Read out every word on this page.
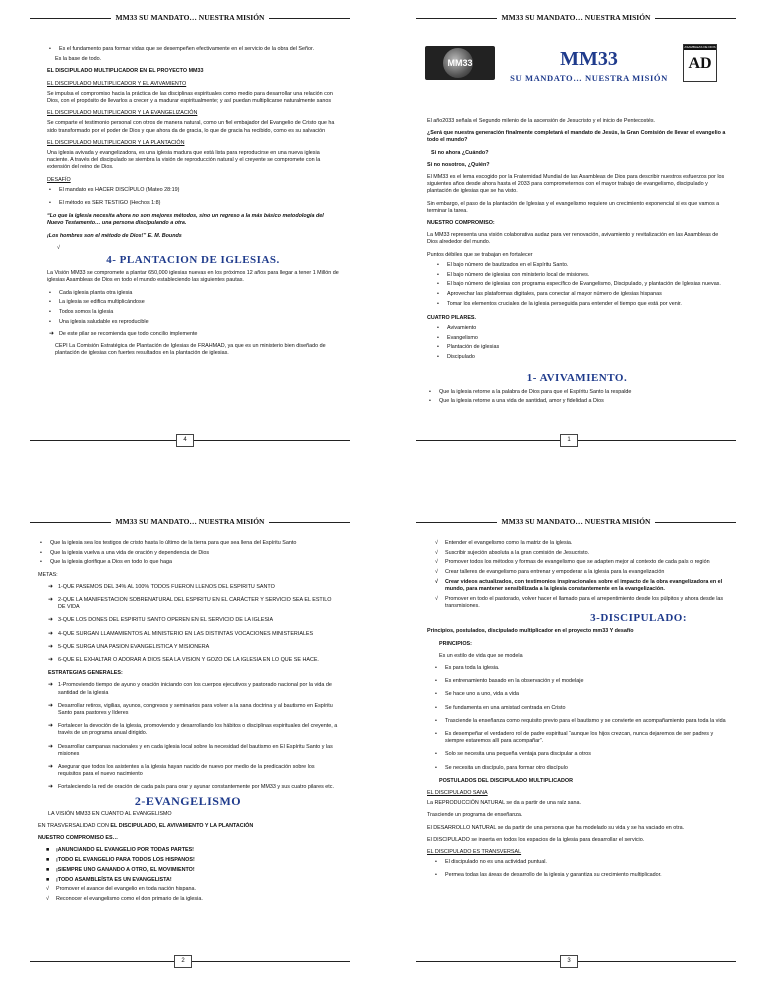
MM33 SU MANDATO… NUESTRA MISIÓN
• Es el fundamento para formar vidas que se desempeñen efectivamente en el servicio de la obra del Señor.

Es la base de todo.

EL DISCIPULADO MULTIPLICADOR EN EL PROYECTO MM33

EL DISCIPULADO MULTIPLICADOR Y EL AVIVAMIENTO

Se impulsa el compromiso hacia la práctica de las disciplinas espirituales como medio para desarrollar una relación con Dios, con el propósito de llevarlos a crecer y a madurar espiritualmente; y así puedan multiplicarse naturalmente sanos

EL DISCIPULADO MULTIPLICADOR Y LA EVANGELIZACIÓN

Se comparte el testimonio personal con otros de manera natural, como un fiel embajador del Evangelio de Cristo que ha sido transformado por el poder de Dios y que ahora da de gracia, lo que de gracia ha recibido, como es su salvación

EL DISCIPULADO MULTIPLICADOR Y LA PLANTACIÓN

Una iglesia avivada y evangelizadora, es una iglesia madura que está lista para reproducirse en una nueva iglesia naciente. A través del discipulado se siembra la visión de reproducción natural y el creyente se compromete con la extensión del reino de Dios.

DESAFÍO

• El mandato es HACER DISCÍPULO (Mateo 28:19)
• El método es SER TESTIGO (Hechos 1:8)

“Lo que la iglesia necesita ahora no son mejores métodos, sino un regreso a la más básico metodología del Nuevo Testamento… una persona discipulando a otra.

¡Los hombres son el método de Dios!” E. M. Bounds

√

4- PLANTACION DE IGLESIAS.

La Visión MM33 se compromete a plantar 650,000 iglesias nuevas en los próximos 12 años para llegar a tener 1 Millón de iglesias Asambleas de Dios en todo el mundo estableciendo las siguientes pautas.

• Cada iglesia planta otra iglesia
• La iglesia se edifica multiplicándose
• Todos somos la iglesia
• Una iglesia saludable es reproducible
➜ De este pilar se recomienda que todo concilio implemente

CEPI La Comisión Estratégica de Plantación de Iglesias de FRAHMAD, ya que es un ministerio bien diseñado de plantación de iglesias con fuertes resultados en la plantación de iglesias.

4
MM33 SU MANDATO… NUESTRA MISIÓN
MM33	MM33
SU MANDATO… NUESTRA MISIÓN
ASAMBLEAS DE DIOS
AD

El año2033 señala el Segundo milenio de la ascensión de Jesucristo y el inicio de Pentecostés.

¿Será que nuestra generación finalmente completará el mandato de Jesús, la Gran Comisión de llevar el evangelio a todo el mundo?

Si no ahora ¿Cuándo?

Si no nosotros, ¿Quién?

El MM33 es el lema escogido por la Fraternidad Mundial de las Asambleas de Dios para describir nuestros esfuerzos por los siguientes años desde ahora hasta el 2033 para comprometernos con el mayor trabajo de evangelismo, discipulado y plantación de iglesias que se ha visto.

Sin embargo, el paso de la plantación de Iglesias y el evangelismo requiere un crecimiento exponencial si es que vamos a terminar la tarea.

NUESTRO COMPROMISO:

La MM33 representa una visión colaborativa audaz para ver renovación, avivamiento y revitalización en las Asambleas de Dios alrededor del mundo.

Puntos débiles que se trabajan en fortalecer

• El bajo número de bautizados en el Espíritu Santo.
• El bajo número de iglesias con ministerio local de misiones.
• El bajo número de iglesias con programa específico de Evangelismo, Discipulado, y plantación de Iglesias nuevas.
• Aprovechar las plataformas digitales, para conectar al mayor número de iglesias hispanas
• Tomar los elementos cruciales de la iglesia perseguida para entender el tiempo que está por venir.

CUATRO PILARES.

• Avivamiento
• Evangelismo
• Plantación de iglesias
• Discipulado
1- AVIVAMIENTO.
• Que la iglesia retorne a la palabra de Dios para que el Espíritu Santo la respalde
• Que la iglesia retorne a una vida de santidad, amor y fidelidad a Dios
1
MM33 SU MANDATO… NUESTRA MISIÓN
• Que la iglesia sea los testigos de cristo hasta lo último de la tierra para que sea llena del Espíritu Santo
• Que la iglesia vuelva a una vida de oración y dependencia de Dios
• Que la iglesia glorifique a Dios en todo lo que haga

METAS:

➜ 1-QUE PASEMOS DEL 34% AL 100% TODOS FUERON LLENOS DEL ESPIRITU SANTO
➜ 2-QUE LA MANIFESTACION SOBRENATURAL DEL ESPIRITU EN EL CARÁCTER Y SERVICIO SEA EL ESTILO DE VIDA
➜ 3-QUE LOS DONES DEL ESPIRITU SANTO OPEREN EN EL SERVICIO DE LA IGLESIA
➜ 4-QUE SURGAN LLAMAMIENTOS AL MINISTERIO EN LAS DISTINTAS VOCACIONES MINISTERIALES
➜ 5-QUE SURGA UNA PASION EVANGELISTICA Y MISIONERA
➜ 6-QUE EL EXHALTAR O ADORAR A DIOS SEA LA VISION Y GOZO DE LA IGLESIA EN LO QUE SE HACE.

ESTRATEGIAS GENERALES:

➜ 1-Promoviendo tiempo de ayuno y oración iniciando con los cuerpos ejecutivos y pastorado nacional por la vida de santidad de la iglesia
➜ Desarrollar retiros, vigilias, ayunos, congresos y seminarios para volver a la sana doctrina y al bautismo en Espíritu Santo para pastores y líderes
➜ Fortalecer la devoción de la iglesia, promoviendo y desarrollando los hábitos o disciplinas espirituales del creyente, a través de un programa anual dirigido.
➜ Desarrollar campanas nacionales y en cada iglesia local sobre la necesidad del bautismo en El Espíritu Santo y las misiones
➜ Asegurar que todos los asistentes a la iglesia hayan nacido de nuevo por medio de la predicación sobre los requisitos para el nuevo nacimiento
➜ Fortaleciendo la red de oración de cada país para orar y ayunar constantemente por MM33 y sus cuatro pilares etc.
2-EVANGELISMO

LA VISIÓN MM33 EN CUANTO AL EVANGELISMO

EN TRASVERSALIDAD CON EL DISCIPULADO, EL AVIVAMIENTO Y LA PLANTACIÓN

NUESTRO COMPROMISO ES…

■ ¡ANUNCIANDO EL EVANGELIO POR TODAS PARTES!
■ ¡TODO EL EVANGELIO PARA TODOS LOS HISPANOS!
■ ¡SIEMPRE UNO GANANDO A OTRO, EL MOVIMIENTO!
■ ¡TODO ASAMBLEÍSTA ES UN EVANGELISTA!
√ Promover el avance del evangelio en toda nación hispana.
√ Reconocer el evangelismo como el don primario de la iglesia.
2
MM33 SU MANDATO… NUESTRA MISIÓN
√ Entender el evangelismo como la matriz de la iglesia.
√ Suscribir sujeción absoluta a la gran comisión de Jesucristo.
√ Promover todos los métodos y formas de evangelismo que se adapten mejor al contexto de cada país o región
√ Crear talleres de evangelismo para entrenar y empoderar a la iglesia para la evangelización
√ Crear videos actualizados, con testimonios inspiracionales sobre el impacto de la obra evangelizadora en el mundo, para mantener sensibilizada a la iglesia constantemente en la evangelización.
√ Promover en todo el pastorado, volver hacer el llamado para el arrepentimiento desde los púlpitos y ahora desde las transmisiones.
3-DISCIPULADO:

Principios, postulados, discipulado multiplicador en el proyecto mm33 Y desafío

PRINCIPIOS:

Es un estilo de vida que se modela

• Es para toda la iglesia.
• Es entrenamiento basado en la observación y el modelaje
• Se hace uno a uno, vida a vida
• Se fundamenta en una amistad centrada en Cristo
• Trasciende la enseñanza como requisito previo para el bautismo y se convierte en acompañamiento para toda la vida
• Es desempeñar el verdadero rol de padre espiritual “aunque los hijos crezcan, nunca dejaremos de ser padres y siempre estaremos allí para acompañar”.
• Solo se necesita una pequeña ventaja para discipular a otros
• Se necesita un discípulo, para formar otro discípulo

POSTULADOS DEL DISCIPULADO MULTIPLICADOR

EL DISCIPULADO SANA

La REPRODUCCIÓN NATURAL se da a partir de una raíz sana.

Trasciende un programa de enseñanza.

El DESARROLLO NATURAL se da partir de una persona que ha modelado su vida y se ha vaciado en otra.

El DISCIPULADO se inserta en todos los espacios de la iglesia para desarrollar el servicio.

EL DISCIPULADO ES TRANSVERSAL

• El discipulado no es una actividad puntual.
• Permea todas las áreas de desarrollo de la iglesia y garantiza su crecimiento multiplicador.
3
